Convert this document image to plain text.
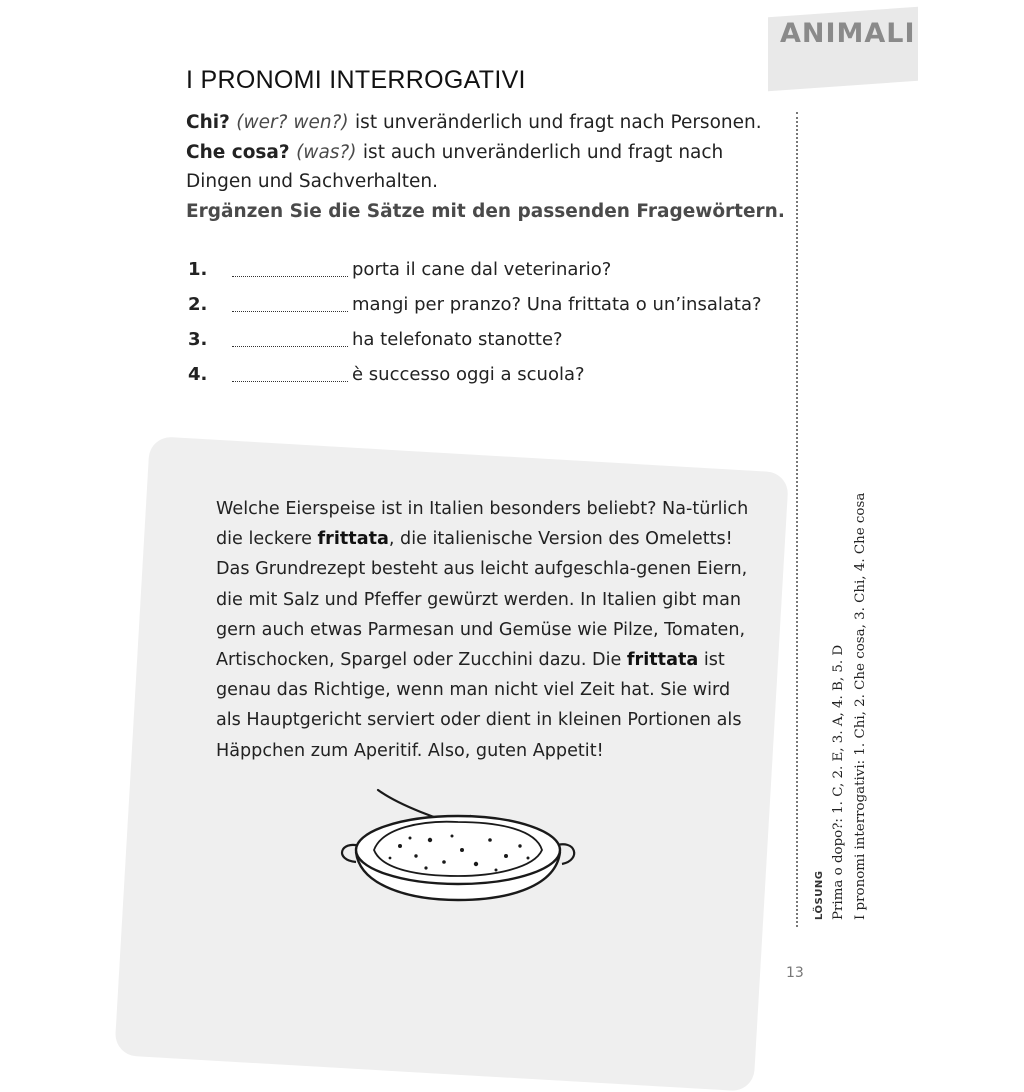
ANIMALI
I PRONOMI INTERROGATIVI
Chi? (wer? wen?) ist unveränderlich und fragt nach Personen.
Che cosa? (was?) ist auch unveränderlich und fragt nach Dingen und Sachverhalten.
Ergänzen Sie die Sätze mit den passenden Fragewörtern.
1.	porta il cane dal veterinario?
2.	mangi per pranzo? Una frittata o un’insalata?
3.	ha telefonato stanotte?
4.	è successo oggi a scuola?
Welche Eierspeise ist in Italien besonders beliebt? Na-türlich die leckere frittata, die italienische Version des Omeletts! Das Grundrezept besteht aus leicht aufgeschla-genen Eiern, die mit Salz und Pfeffer gewürzt werden. In Italien gibt man gern auch etwas Parmesan und Gemüse wie Pilze, Tomaten, Artischocken, Spargel oder Zucchini dazu. Die frittata ist genau das Richtige, wenn man nicht viel Zeit hat. Sie wird als Hauptgericht serviert oder dient in kleinen Portionen als Häppchen zum Aperitif. Also, guten Appetit!
LÖSUNG Prima o dopo?: 1. C, 2. E, 3. A, 4. B, 5. D I pronomi interrogativi: 1. Chi, 2. Che cosa, 3. Chi, 4. Che cosa
13
